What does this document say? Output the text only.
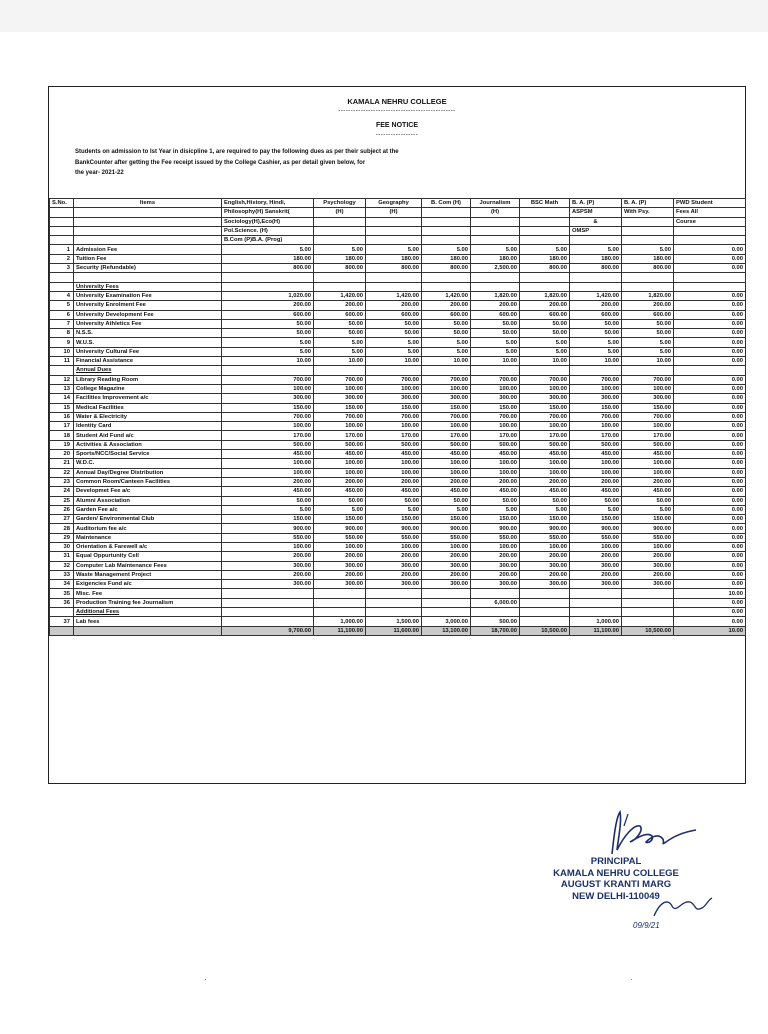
KAMALA NEHRU COLLEGE
-----------------------------------------------
FEE NOTICE
-----------------
Students on admission to Ist Year in disicpline 1, are required to pay the following dues as per their subject at the
BankCounter after getting the Fee receipt issued by the College Cashier, as per detail given below, for
the year- 2021-22
S.No.	Items	English,History, Hindi,	Psychology	Geography	B. Com (H)	Journalism	BSC Math	B. A. (P)	B. A. (P)	PWD Student
		Philosophy(H) Sanskrit(	(H)	(H)		(H)		ASPSM	With Psy.	Fees All
		Sociology(H),Eco(H)						&		Course
		Pol.Science. (H)						OMSP		
		B.Com (P)B.A. (Prog)								
1	Admission Fee	5.00	5.00	5.00	5.00	5.00	5.00	5.00	5.00	0.00
2	Tuition Fee	180.00	180.00	180.00	180.00	180.00	180.00	180.00	180.00	0.00
3	Security (Refundable)	800.00	800.00	800.00	800.00	2,500.00	800.00	800.00	800.00	0.00

	University Fees									
4	University Examination Fee	1,020.00	1,420.00	1,420.00	1,420.00	1,820.00	1,820.00	1,420.00	1,820.00	0.00
5	University Enrolment Fee	200.00	200.00	200.00	200.00	200.00	200.00	200.00	200.00	0.00
6	University Development Fee	600.00	600.00	600.00	600.00	600.00	600.00	600.00	600.00	0.00
7	University Athletics Fee	50.00	50.00	50.00	50.00	50.00	50.00	50.00	50.00	0.00
8	N.S.S.	50.00	50.00	50.00	50.00	50.00	50.00	50.00	50.00	0.00
9	W.U.S.	5.00	5.00	5.00	5.00	5.00	5.00	5.00	5.00	0.00
10	University Cultural Fee	5.00	5.00	5.00	5.00	5.00	5.00	5.00	5.00	0.00
11	Financial Assistance	10.00	10.00	10.00	10.00	10.00	10.00	10.00	10.00	0.00
	Annual Dues									
12	Library Reading Room	700.00	700.00	700.00	700.00	700.00	700.00	700.00	700.00	0.00
13	College Magazine	100.00	100.00	100.00	100.00	100.00	100.00	100.00	100.00	0.00
14	Facilities Improvement a/c	300.00	300.00	300.00	300.00	300.00	300.00	300.00	300.00	0.00
15	Medical Facilities	150.00	150.00	150.00	150.00	150.00	150.00	150.00	150.00	0.00
16	Water & Electricity	700.00	700.00	700.00	700.00	700.00	700.00	700.00	700.00	0.00
17	Identity Card	100.00	100.00	100.00	100.00	100.00	100.00	100.00	100.00	0.00
18	Student Aid Fund a/c	170.00	170.00	170.00	170.00	170.00	170.00	170.00	170.00	0.00
19	Activities & Association	500.00	500.00	500.00	500.00	500.00	500.00	500.00	500.00	0.00
20	Sports/NCC/Social Service	450.00	450.00	450.00	450.00	450.00	450.00	450.00	450.00	0.00
21	W.D.C.	100.00	100.00	100.00	100.00	100.00	100.00	100.00	100.00	0.00
22	Annual Day/Degree Distribution	100.00	100.00	100.00	100.00	100.00	100.00	100.00	100.00	0.00
23	Common Room/Canteen Facilities	200.00	200.00	200.00	200.00	200.00	200.00	200.00	200.00	0.00
24	Developmet Fee a/c	450.00	450.00	450.00	450.00	450.00	450.00	450.00	450.00	0.00
25	Alumni Association	50.00	50.00	50.00	50.00	50.00	50.00	50.00	50.00	0.00
26	Garden Fee a/c	5.00	5.00	5.00	5.00	5.00	5.00	5.00	5.00	0.00
27	Garden/ Environmental Club	150.00	150.00	150.00	150.00	150.00	150.00	150.00	150.00	0.00
28	Auditorium fee a/c	900.00	900.00	900.00	900.00	900.00	900.00	900.00	900.00	0.00
29	Maintenance	550.00	550.00	550.00	550.00	550.00	550.00	550.00	550.00	0.00
30	Orientation & Farewell a/c	100.00	100.00	100.00	100.00	100.00	100.00	100.00	100.00	0.00
31	Equal Oppurtunity Cell	200.00	200.00	200.00	200.00	200.00	200.00	200.00	200.00	0.00
32	Computer Lab Maintenance Fees	300.00	300.00	300.00	300.00	300.00	300.00	300.00	300.00	0.00
33	Waste Management Project	200.00	200.00	200.00	200.00	200.00	200.00	200.00	200.00	0.00
34	Exigencies Fund a/c	300.00	300.00	300.00	300.00	300.00	300.00	300.00	300.00	0.00
35	Misc. Fee									10.00
36	Production Training fee Journalism					6,000.00				0.00
	Additional Fees									0.00
37	Lab fees		1,000.00	1,500.00	3,000.00	500.00		1,000.00		0.00
		9,700.00	11,100.00	11,600.00	13,100.00	18,700.00	10,500.00	11,100.00	10,500.00	10.00
PRINCIPAL
KAMALA NEHRU COLLEGE
AUGUST KRANTI MARG
NEW DELHI-110049
09/9/21
·	·
